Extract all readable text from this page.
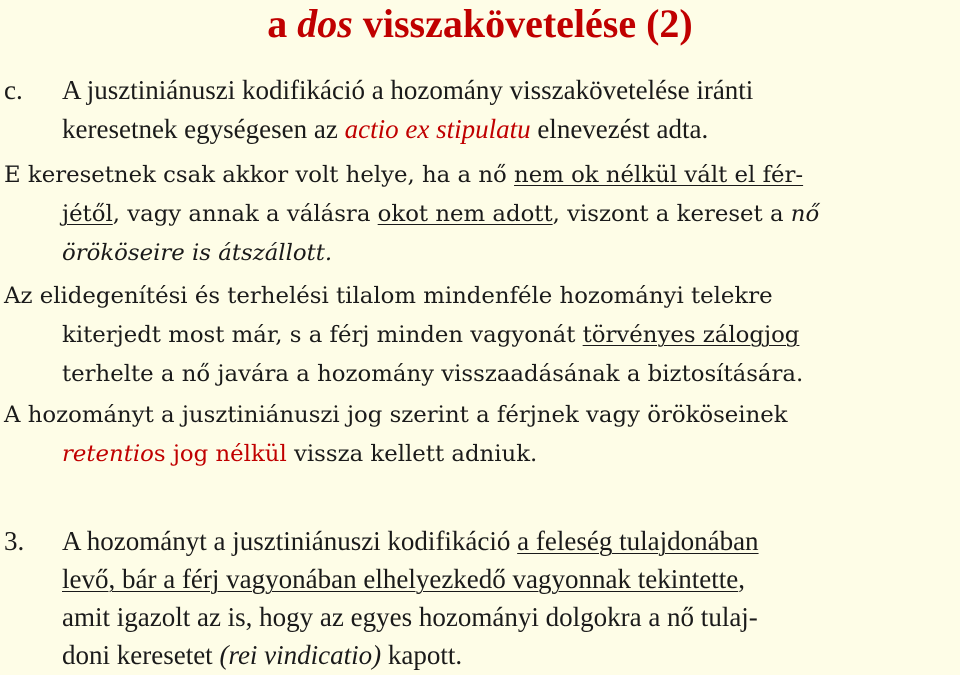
a dos visszakövetelése (2)
c. A jusztiniánuszi kodifikáció a hozomány visszakövetelése iránti
keresetnek egységesen az actio ex stipulatu elnevezést adta.
E keresetnek csak akkor volt helye, ha a nő nem ok nélkül vált el fér-
jétől, vagy annak a válásra okot nem adott, viszont a kereset a nő
örököseire is átszállott.
Az elidegenítési és terhelési tilalom mindenféle hozományi telekre
kiterjedt most már, s a férj minden vagyonát törvényes zálogjog
terhelte a nő javára a hozomány visszaadásának a biztosítására.
A hozományt a jusztiniánuszi jog szerint a férjnek vagy örököseinek
retentios jog nélkül vissza kellett adniuk.
3. A hozományt a jusztiniánuszi kodifikáció a feleség tulajdonában
levő, bár a férj vagyonában elhelyezkedő vagyonnak tekintette,
amit igazolt az is, hogy az egyes hozományi dolgokra a nő tulaj-
doni keresetet (rei vindicatio) kapott.
